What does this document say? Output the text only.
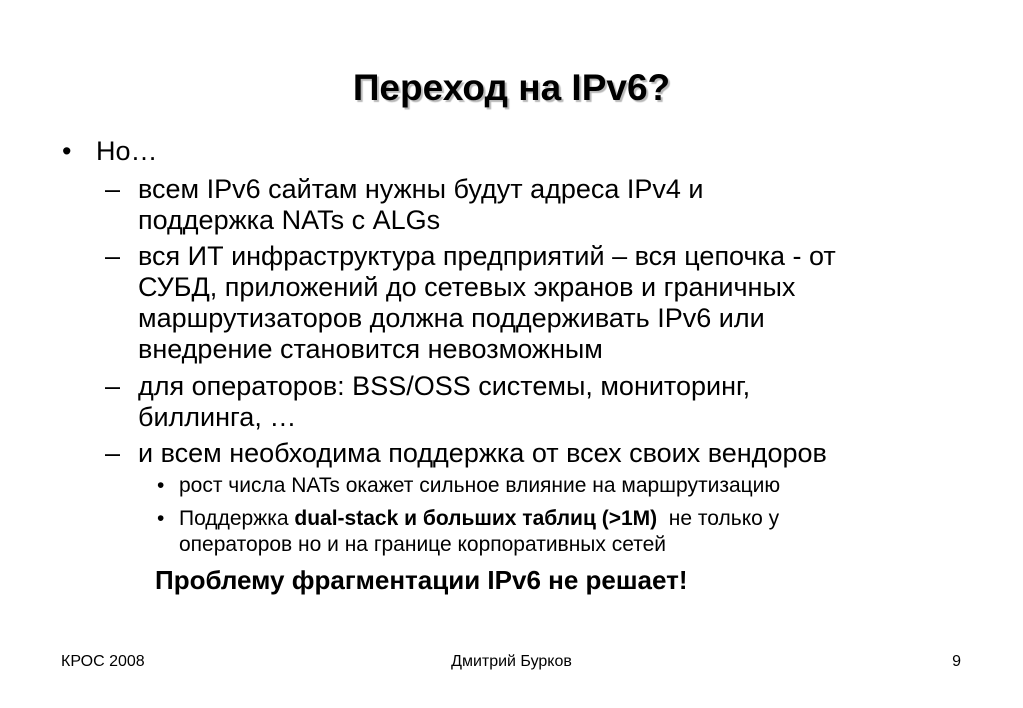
Переход на IPv6?
• Но…
– всем IPv6 сайтам нужны будут адреса IPv4 и
поддержка NATs с ALGs
– вся ИТ инфраструктура предприятий – вся цепочка - от
СУБД, приложений до сетевых экранов и граничных
маршрутизаторов должна поддерживать IPv6 или
внедрение становится невозможным
– для операторов: BSS/OSS системы, мониторинг,
биллинга, …
– и всем необходима поддержка от всех своих вендоров
• рост числа NATs окажет сильное влияние на маршрутизацию
• Поддержка dual-stack и больших таблиц (>1M)  не только у
операторов но и на границе корпоративных сетей
Проблему фрагментации IPv6 не решает!
КРОС 2008	Дмитрий Бурков	9
